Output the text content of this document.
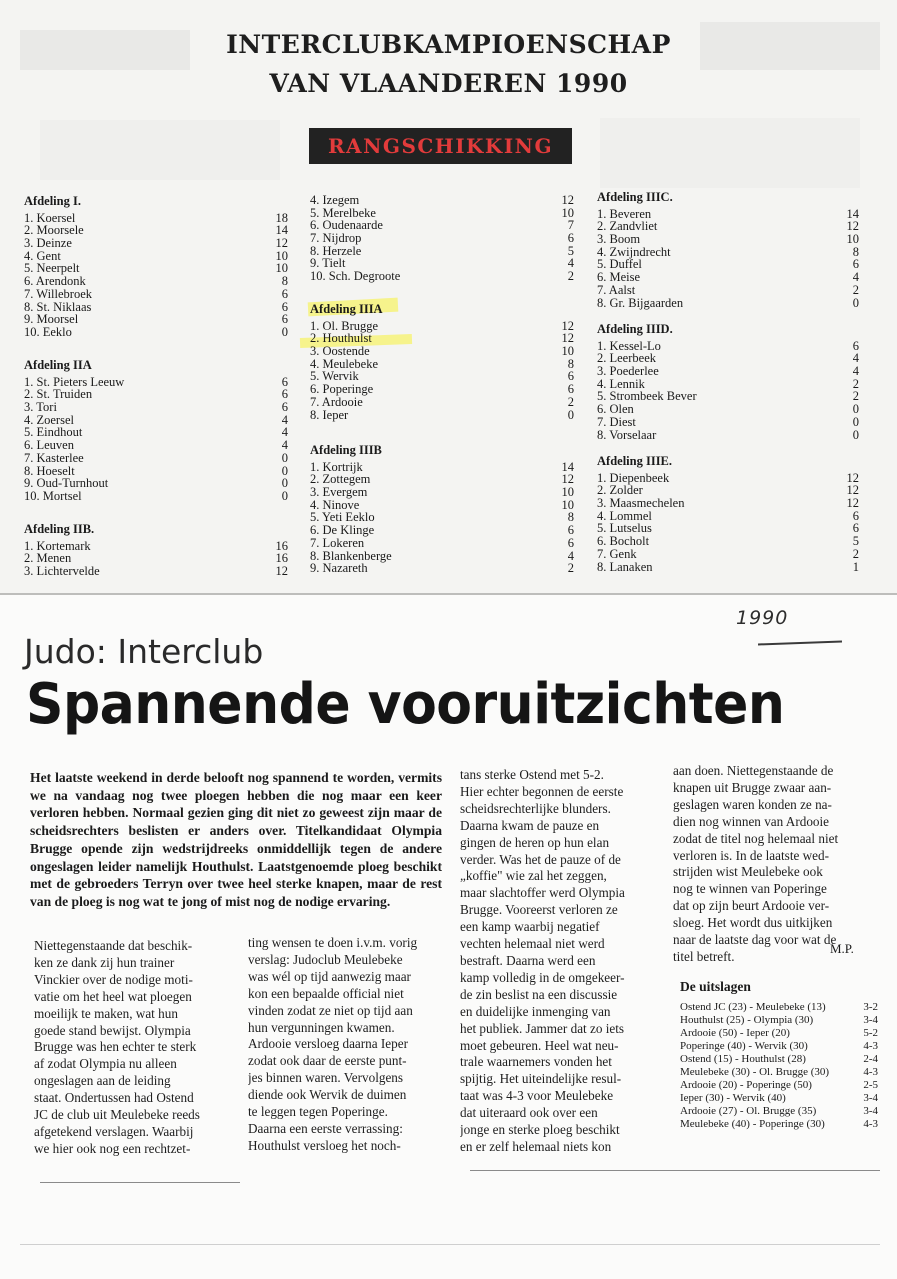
INTERCLUBKAMPIOENSCHAP
VAN VLAANDEREN 1990
RANGSCHIKKING
Afdeling I.
1. Koersel	18
2. Moorsele	14
3. Deinze	12
4. Gent	10
5. Neerpelt	10
6. Arendonk	8
7. Willebroek	6
8. St. Niklaas	6
9. Moorsel	6
10. Eeklo	0
Afdeling IIA
1. St. Pieters Leeuw	6
2. St. Truiden	6
3. Tori	6
4. Zoersel	4
5. Eindhout	4
6. Leuven	4
7. Kasterlee	0
8. Hoeselt	0
9. Oud-Turnhout	0
10. Mortsel	0
Afdeling IIB.
1. Kortemark	16
2. Menen	16
3. Lichtervelde	12
4. Izegem	12
5. Merelbeke	10
6. Oudenaarde	7
7. Nijdrop	6
8. Herzele	5
9. Tielt	4
10. Sch. Degroote	2
Afdeling IIIA
1. Ol. Brugge	12
2. Houthulst	12
3. Oostende	10
4. Meulebeke	8
5. Wervik	6
6. Poperinge	6
7. Ardooie	2
8. Ieper	0
Afdeling IIIB
1. Kortrijk	14
2. Zottegem	12
3. Evergem	10
4. Ninove	10
5. Yeti Eeklo	8
6. De Klinge	6
7. Lokeren	6
8. Blankenberge	4
9. Nazareth	2
Afdeling IIIC.
1. Beveren	14
2. Zandvliet	12
3. Boom	10
4. Zwijndrecht	8
5. Duffel	6
6. Meise	4
7. Aalst	2
8. Gr. Bijgaarden	0
Afdeling IIID.
1. Kessel-Lo	6
2. Leerbeek	4
3. Poederlee	4
4. Lennik	2
5. Strombeek Bever	2
6. Olen	0
7. Diest	0
8. Vorselaar	0
Afdeling IIIE.
1. Diepenbeek	12
2. Zolder	12
3. Maasmechelen	12
4. Lommel	6
5. Lutselus	6
6. Bocholt	5
7. Genk	2
8. Lanaken	1
1990
Judo: Interclub
Spannende vooruitzichten
Het laatste weekend in derde belooft nog spannend te worden, vermits we na vandaag nog twee ploegen hebben die nog maar een keer verloren hebben. Normaal gezien ging dit niet zo geweest zijn maar de scheidsrechters beslisten er anders over. Titelkandidaat Olympia Brugge opende zijn wedstrijdreeks onmiddellijk tegen de andere ongeslagen leider namelijk Houthulst. Laatstgenoemde ploeg beschikt met de gebroeders Terryn over twee heel sterke knapen, maar de rest van de ploeg is nog wat te jong of mist nog de nodige ervaring.
Niettegenstaande dat beschik-
ken ze dank zij hun trainer
Vinckier over de nodige moti-
vatie om het heel wat ploegen
moeilijk te maken, wat hun
goede stand bewijst. Olympia
Brugge was hen echter te sterk
af zodat Olympia nu alleen
ongeslagen aan de leiding
staat. Ondertussen had Ostend
JC de club uit Meulebeke reeds
afgetekend verslagen. Waarbij
we hier ook nog een rechtzet-
ting wensen te doen i.v.m. vorig
verslag: Judoclub Meulebeke
was wél op tijd aanwezig maar
kon een bepaalde official niet
vinden zodat ze niet op tijd aan
hun vergunningen kwamen.
Ardooie versloeg daarna Ieper
zodat ook daar de eerste punt-
jes binnen waren. Vervolgens
diende ook Wervik de duimen
te leggen tegen Poperinge.
Daarna een eerste verrassing:
Houthulst versloeg het noch-
tans sterke Ostend met 5-2.
Hier echter begonnen de eerste
scheidsrechterlijke blunders.
Daarna kwam de pauze en
gingen de heren op hun elan
verder. Was het de pauze of de
„koffie" wie zal het zeggen,
maar slachtoffer werd Olympia
Brugge. Vooreerst verloren ze
een kamp waarbij negatief
vechten helemaal niet werd
bestraft. Daarna werd een
kamp volledig in de omgekeer-
de zin beslist na een discussie
en duidelijke inmenging van
het publiek. Jammer dat zo iets
moet gebeuren. Heel wat neu-
trale waarnemers vonden het
spijtig. Het uiteindelijke resul-
taat was 4-3 voor Meulebeke
dat uiteraard ook over een
jonge en sterke ploeg beschikt
en er zelf helemaal niets kon
aan doen. Niettegenstaande de
knapen uit Brugge zwaar aan-
geslagen waren konden ze na-
dien nog winnen van Ardooie
zodat de titel nog helemaal niet
verloren is. In de laatste wed-
strijden wist Meulebeke ook
nog te winnen van Poperinge
dat op zijn beurt Ardooie ver-
sloeg. Het wordt dus uitkijken
naar de laatste dag voor wat de
titel betreft.
M.P.
De uitslagen
Ostend JC (23) - Meulebeke (13)	3-2
Houthulst (25) - Olympia (30)	3-4
Ardooie (50) - Ieper (20)	5-2
Poperinge (40) - Wervik (30)	4-3
Ostend (15) - Houthulst (28)	2-4
Meulebeke (30) - Ol. Brugge (30)	4-3
Ardooie (20) - Poperinge (50)	2-5
Ieper (30) - Wervik (40)	3-4
Ardooie (27) - Ol. Brugge (35)	3-4
Meulebeke (40) - Poperinge (30)	4-3
